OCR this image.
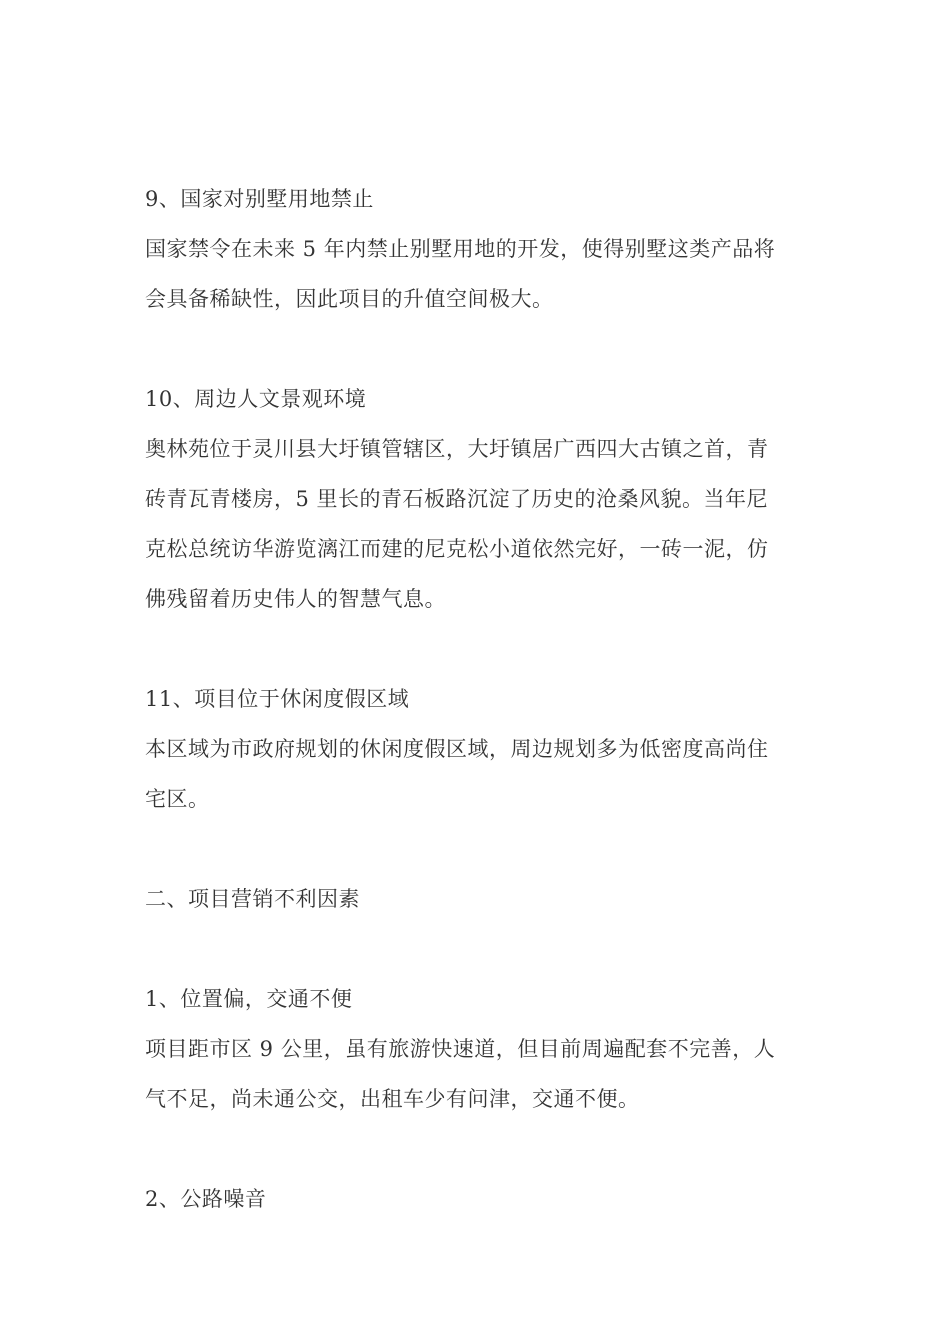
9、国家对别墅用地禁止
国家禁令在未来 5 年内禁止别墅用地的开发，使得别墅这类产品将
会具备稀缺性，因此项目的升值空间极大。
10、周边人文景观环境
奥林苑位于灵川县大圩镇管辖区，大圩镇居广西四大古镇之首，青
砖青瓦青楼房，5 里长的青石板路沉淀了历史的沧桑风貌。当年尼
克松总统访华游览漓江而建的尼克松小道依然完好，一砖一泥，仿
佛残留着历史伟人的智慧气息。
11、项目位于休闲度假区域
本区域为市政府规划的休闲度假区域，周边规划多为低密度高尚住
宅区。
二、项目营销不利因素
1、位置偏，交通不便
项目距市区 9 公里，虽有旅游快速道，但目前周遍配套不完善，人
气不足，尚未通公交，出租车少有问津，交通不便。
2、公路噪音
